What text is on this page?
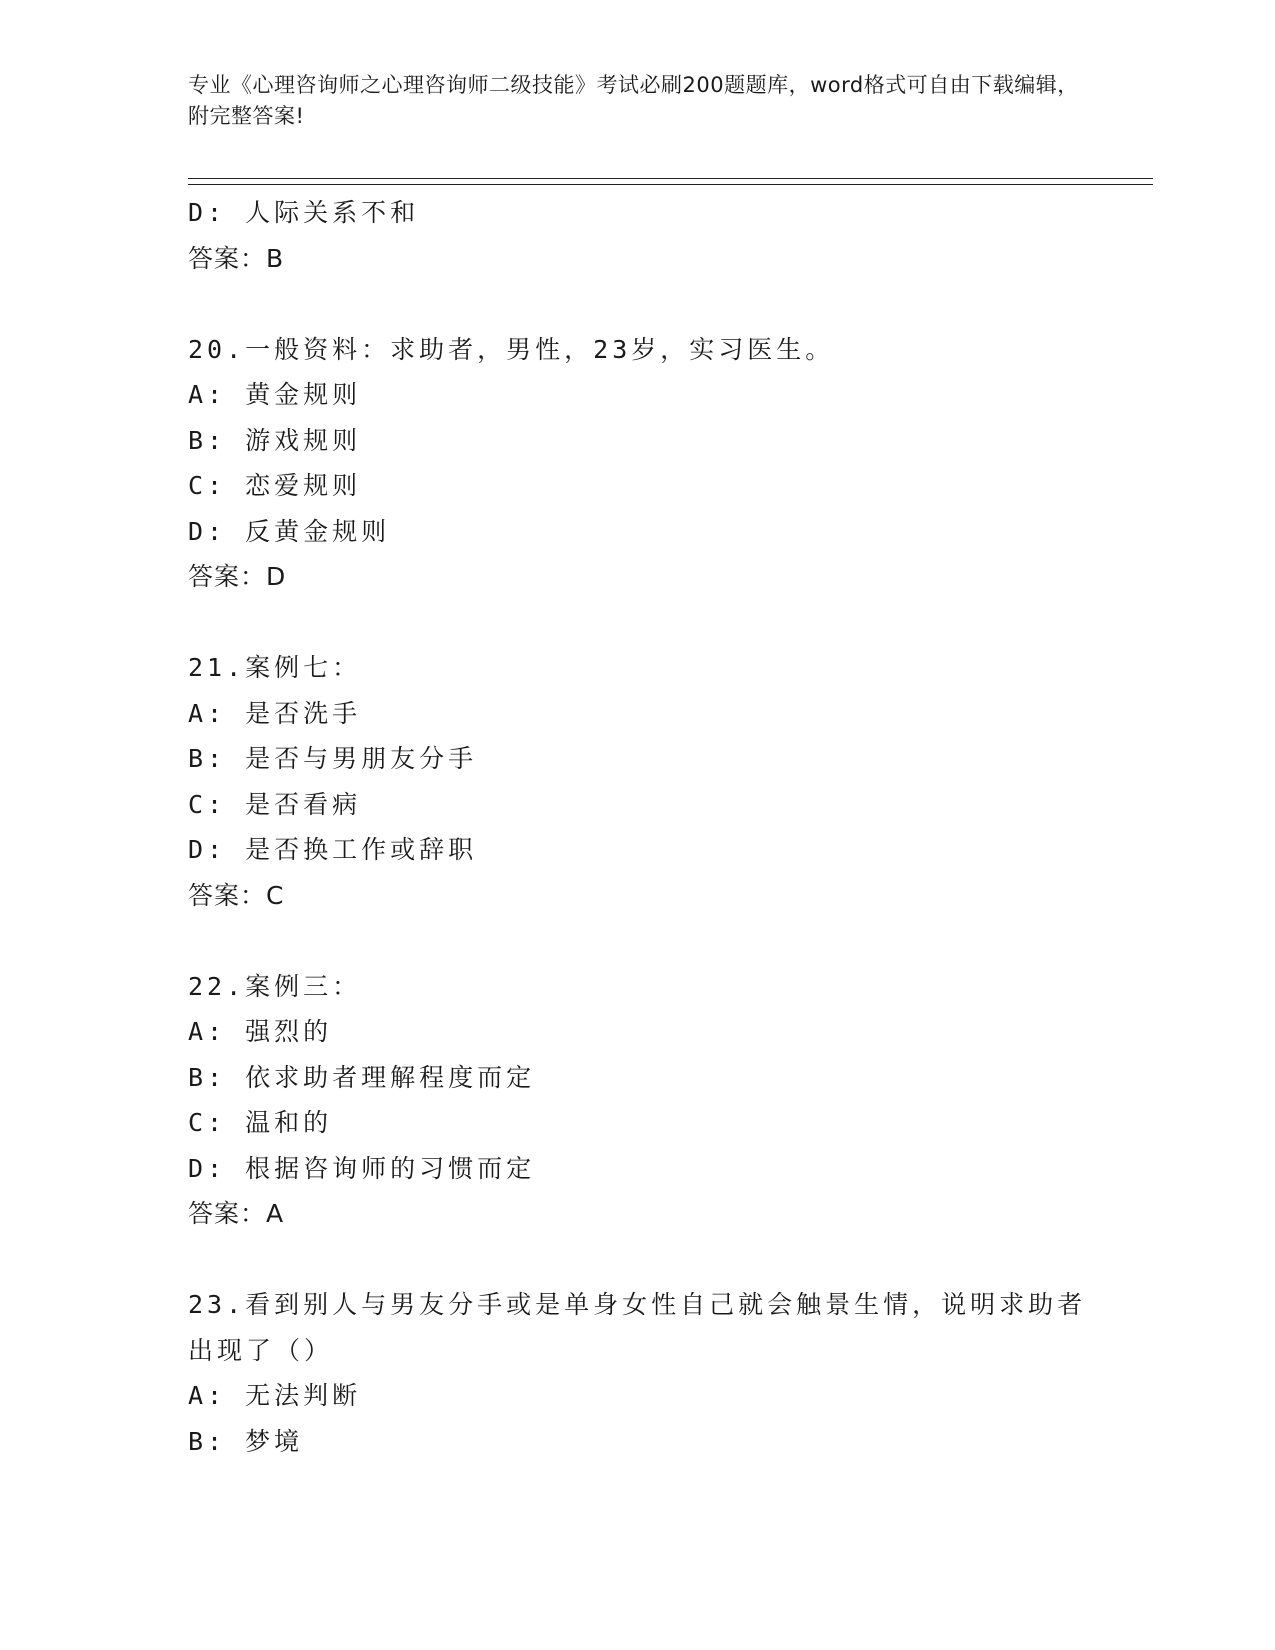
专业《心理咨询师之心理咨询师二级技能》考试必刷200题题库，word格式可自由下载编辑，附完整答案!
D: 人际关系不和
答案：B
20.一般资料：求助者，男性，23岁，实习医生。
A: 黄金规则
B: 游戏规则
C: 恋爱规则
D: 反黄金规则
答案：D
21.案例七：
A: 是否洗手
B: 是否与男朋友分手
C: 是否看病
D: 是否换工作或辞职
答案：C
22.案例三：
A: 强烈的
B: 依求助者理解程度而定
C: 温和的
D: 根据咨询师的习惯而定
答案：A
23.看到别人与男友分手或是单身女性自己就会触景生情，说明求助者
出现了（）
A: 无法判断
B: 梦境
